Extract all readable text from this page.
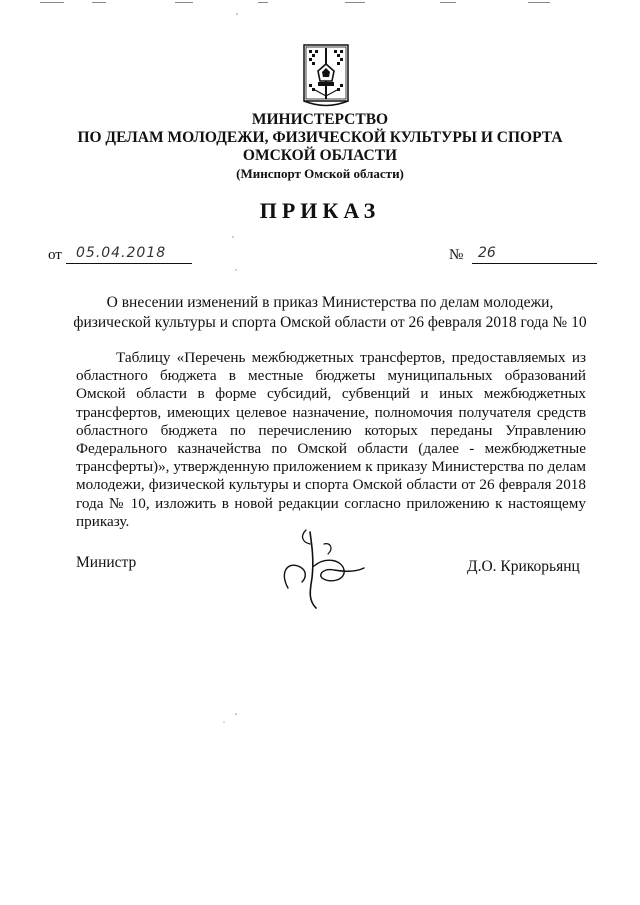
МИНИСТЕРСТВО
ПО ДЕЛАМ МОЛОДЕЖИ, ФИЗИЧЕСКОЙ КУЛЬТУРЫ И СПОРТА
ОМСКОЙ ОБЛАСТИ
(Минспорт Омской области)
ПРИКАЗ
от 05.04.2018	№ 26
О внесении изменений в приказ Министерства по делам молодежи,
физической культуры и спорта Омской области от 26 февраля 2018 года № 10
Таблицу «Перечень межбюджетных трансфертов, предоставляемых из областного бюджета в местные бюджеты муниципальных образований Омской области в форме субсидий, субвенций и иных межбюджетных трансфертов, имеющих целевое назначение, полномочия получателя средств областного бюджета по перечислению которых переданы Управлению Федерального казначейства по Омской области (далее - межбюджетные трансферты)», утвержденную приложением к приказу Министерства по делам молодежи, физической культуры и спорта Омской области от 26 февраля 2018 года № 10, изложить в новой редакции согласно приложению к настоящему приказу.
Министр	Д.О. Крикорьянц
